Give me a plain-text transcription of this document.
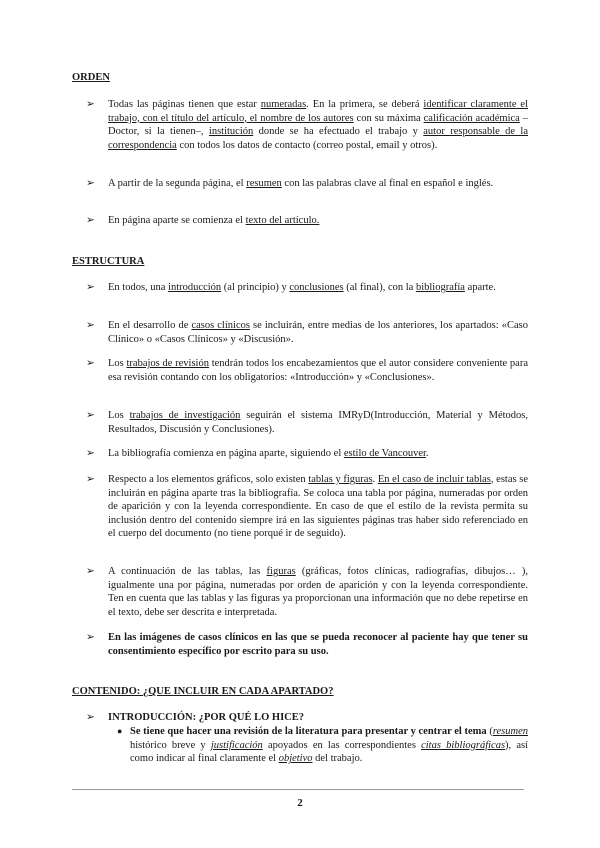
ORDEN
➢	Todas las páginas tienen que estar numeradas. En la primera, se deberá identificar claramente el trabajo, con el título del artículo, el nombre de los autores con su máxima calificación académica –Doctor, si la tienen–, institución donde se ha efectuado el trabajo y autor responsable de la correspondencia con todos los datos de contacto (correo postal, email y otros).
➢	A partir de la segunda página, el resumen con las palabras clave al final en español e inglés.
➢	En página aparte se comienza el texto del artículo.
ESTRUCTURA
➢	En todos, una introducción (al principio) y conclusiones (al final), con la bibliografía aparte.
➢	En el desarrollo de casos clínicos se incluirán, entre medias de los anteriores, los apartados: «Caso Clínico» o «Casos Clínicos» y «Discusión».
➢	Los trabajos de revisión tendrán todos los encabezamientos que el autor considere conveniente para esa revisión contando con los obligatorios: «Introducción» y «Conclusiones».
➢	Los trabajos de investigación seguirán el sistema IMRyD(Introducción, Material y Métodos, Resultados, Discusión y Conclusiones).
➢	La bibliografía comienza en página aparte, siguiendo el estilo de Vancouver.
➢	Respecto a los elementos gráficos, solo existen tablas y figuras. En el caso de incluir tablas, estas se incluirán en página aparte tras la bibliografía. Se coloca una tabla por página, numeradas por orden de aparición y con la leyenda correspondiente. En caso de que el estilo de la revista permita su inclusión dentro del contenido siempre irá en las siguientes páginas tras haber sido referenciado en el cuerpo del documento (no tiene porqué ir de seguido).
➢	A continuación de las tablas, las figuras (gráficas, fotos clínicas, radiografías, dibujos… ), igualmente una por página, numeradas por orden de aparición y con la leyenda correspondiente. Ten en cuenta que las tablas y las figuras ya proporcionan una información que no debe repetirse en el texto, debe ser descrita e interpretada.
➢	En las imágenes de casos clínicos en las que se pueda reconocer al paciente hay que tener su consentimiento específico por escrito para su uso.
CONTENIDO: ¿QUE INCLUIR EN CADA APARTADO?
➢	INTRODUCCIÓN: ¿POR QUÉ LO HICE?
● Se tiene que hacer una revisión de la literatura para presentar y centrar el tema (resumen histórico breve y justificación apoyados en las correspondientes citas bibliográficas), así como indicar al final claramente el objetivo del trabajo.
2
